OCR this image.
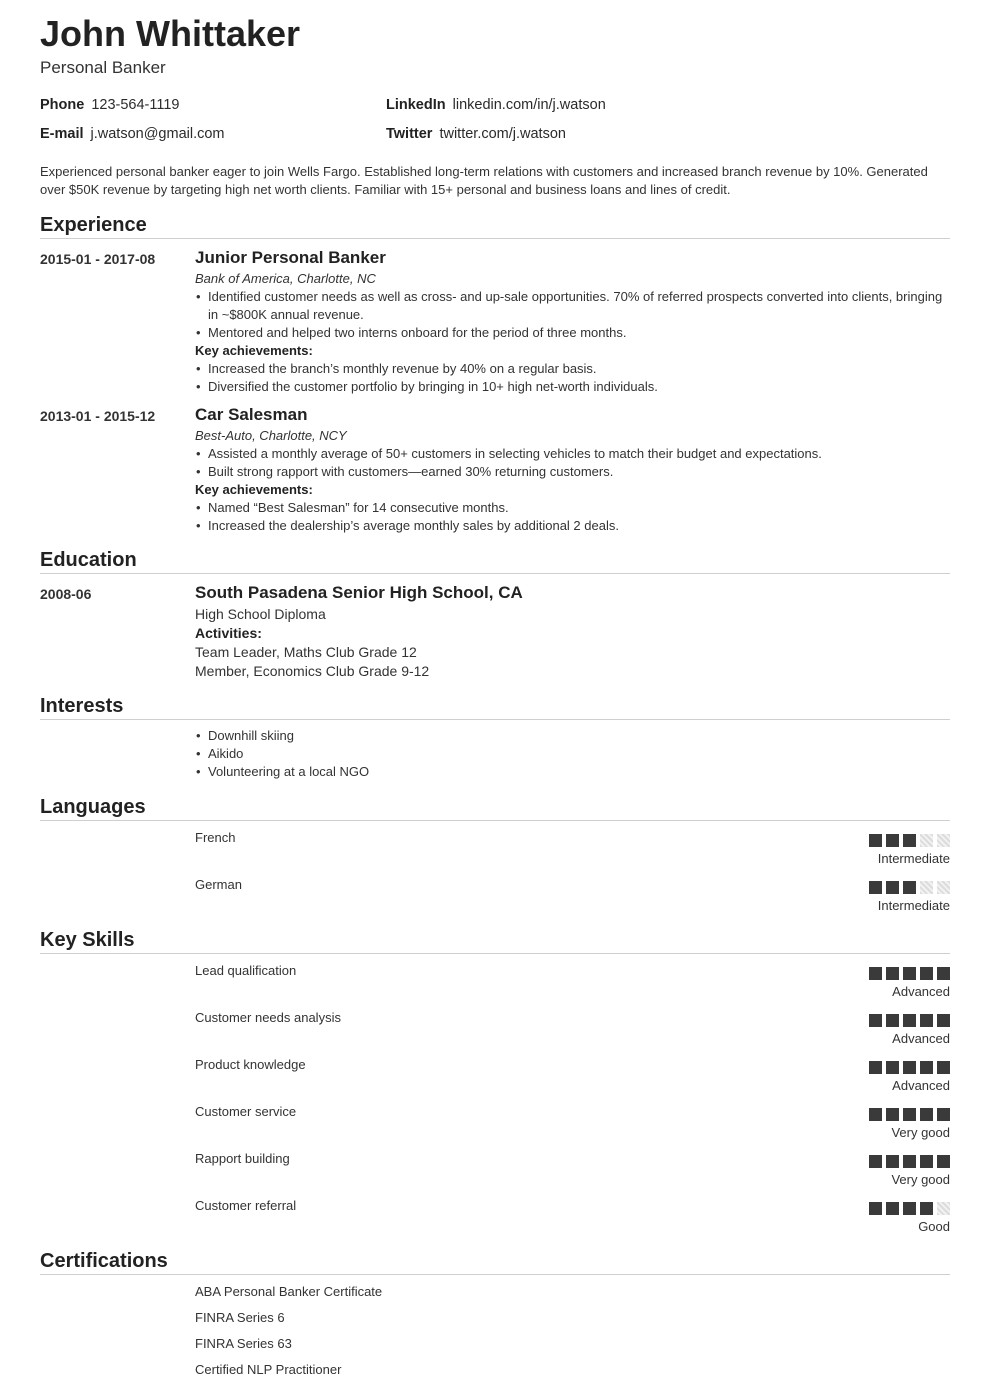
John Whittaker
Personal Banker
Phone 123-564-1119
E-mail j.watson@gmail.com
LinkedIn linkedin.com/in/j.watson
Twitter twitter.com/j.watson
Experienced personal banker eager to join Wells Fargo. Established long-term relations with customers and increased branch revenue by 10%. Generated over $50K revenue by targeting high net worth clients. Familiar with 15+ personal and business loans and lines of credit.
Experience
2015-01 - 2017-08 Junior Personal Banker
Bank of America, Charlotte, NC
• Identified customer needs as well as cross- and up-sale opportunities. 70% of referred prospects converted into clients, bringing in ~$800K annual revenue.
• Mentored and helped two interns onboard for the period of three months.
Key achievements:
• Increased the branch’s monthly revenue by 40% on a regular basis.
• Diversified the customer portfolio by bringing in 10+ high net-worth individuals.
2013-01 - 2015-12 Car Salesman
Best-Auto, Charlotte, NCY
• Assisted a monthly average of 50+ customers in selecting vehicles to match their budget and expectations.
• Built strong rapport with customers—earned 30% returning customers.
Key achievements:
• Named “Best Salesman” for 14 consecutive months.
• Increased the dealership’s average monthly sales by additional 2 deals.
Education
2008-06	South Pasadena Senior High School, CA
High School Diploma
Activities:
Team Leader, Maths Club Grade 12
Member, Economics Club Grade 9-12
Interests
• Downhill skiing
• Aikido
• Volunteering at a local NGO
Languages
French
Intermediate
German
Intermediate
Key Skills
Lead qualification
Advanced
Customer needs analysis
Advanced
Product knowledge
Advanced
Customer service
Very good
Rapport building
Very good
Customer referral
Good
Certifications
ABA Personal Banker Certificate
FINRA Series 6
FINRA Series 63
Certified NLP Practitioner
